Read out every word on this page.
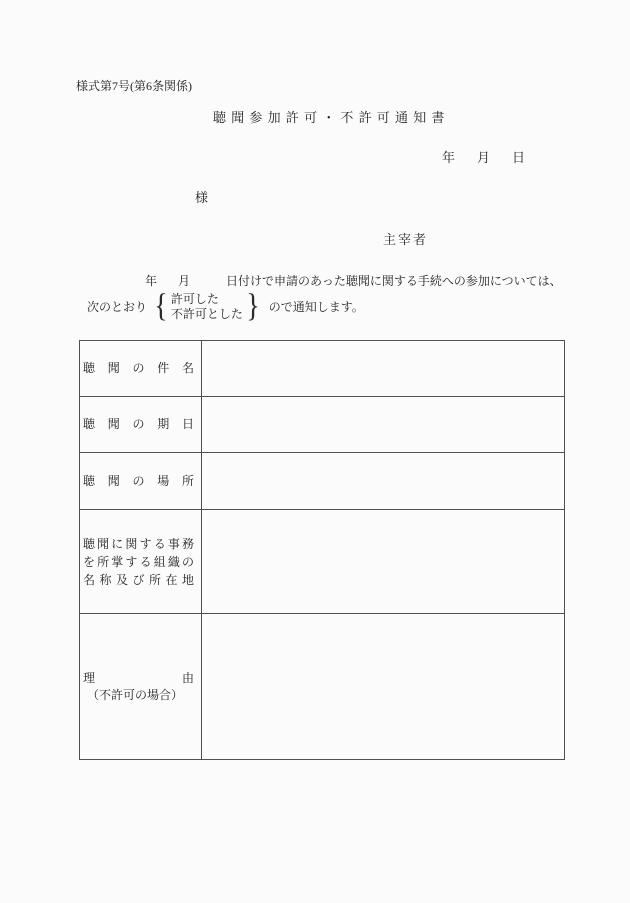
様式第7号(第6条関係)
聴聞参加許可・不許可通知書
年 月 日
様
主宰者
年 月	日付けで申請のあった聴聞に関する手続への参加については、
次のとおり { 許可した
不許可とした } ので通知します。
聴聞の件名	

聴聞の期日	

聴聞の場所	

聴聞に関する事務
を所掌する組織の
名称及び所在地	

理由
（不許可の場合）	
